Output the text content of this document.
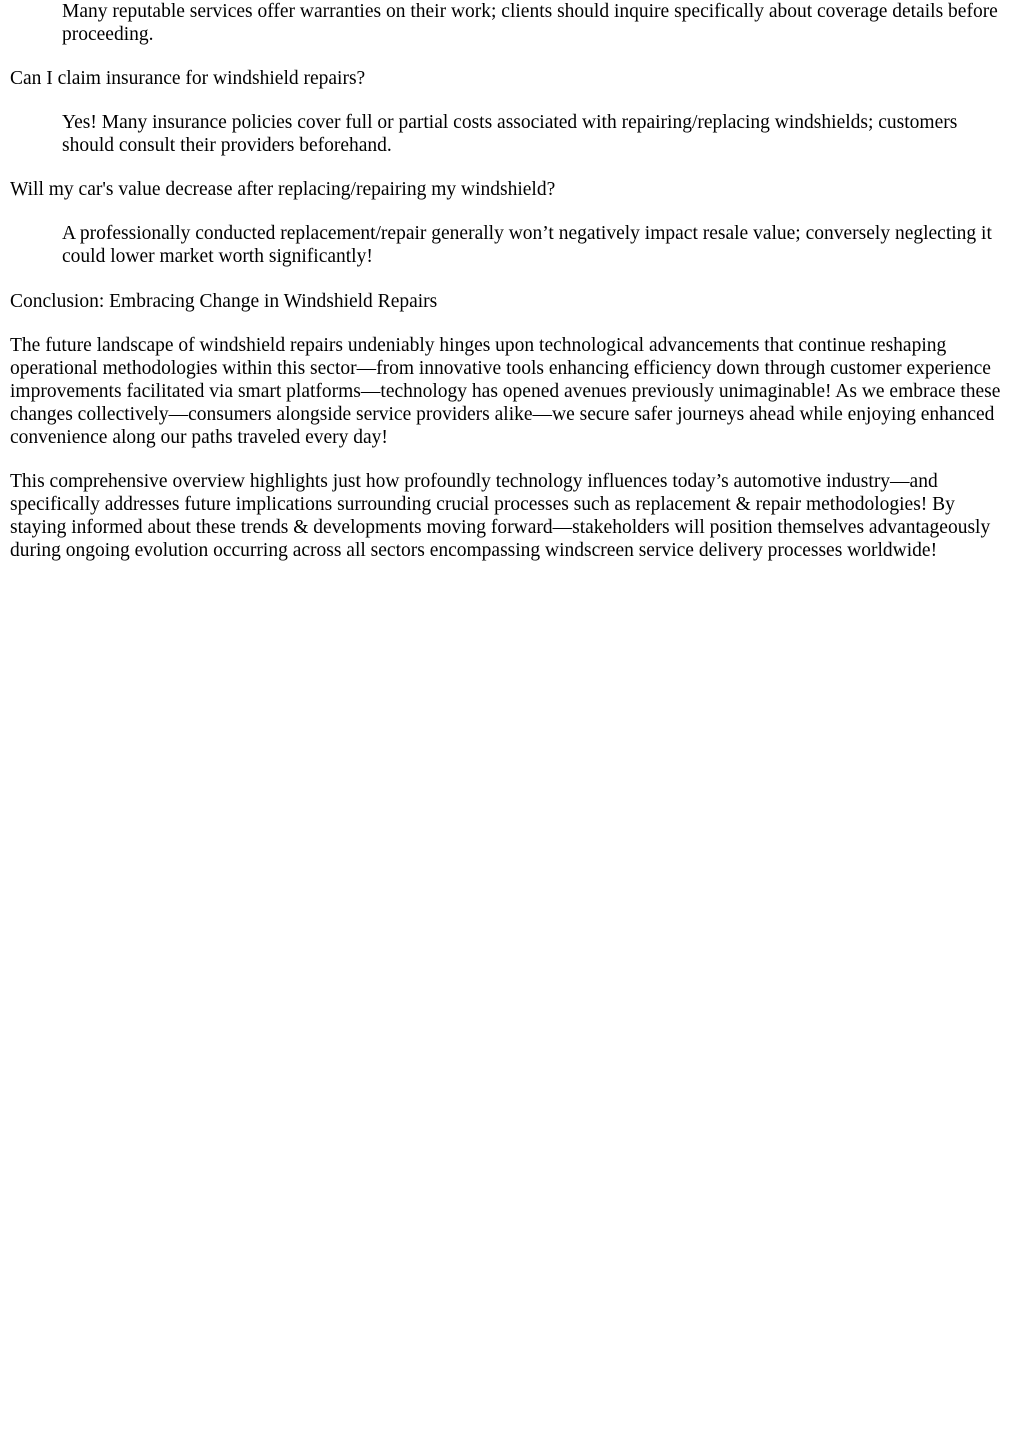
Many reputable services offer warranties on their work; clients should inquire specifically about coverage details before proceeding.
Can I claim insurance for windshield repairs?
Yes! Many insurance policies cover full or partial costs associated with repairing/replacing windshields; customers should consult their providers beforehand.
Will my car's value decrease after replacing/repairing my windshield?
A professionally conducted replacement/repair generally won’t negatively impact resale value; conversely neglecting it could lower market worth significantly!
Conclusion: Embracing Change in Windshield Repairs

The future landscape of windshield repairs undeniably hinges upon technological advancements that continue reshaping operational methodologies within this sector—from innovative tools enhancing efficiency down through customer experience improvements facilitated via smart platforms—technology has opened avenues previously unimaginable! As we embrace these changes collectively—consumers alongside service providers alike—we secure safer journeys ahead while enjoying enhanced convenience along our paths traveled every day!

This comprehensive overview highlights just how profoundly technology influences today’s automotive industry—and specifically addresses future implications surrounding crucial processes such as replacement & repair methodologies! By staying informed about these trends & developments moving forward—stakeholders will position themselves advantageously during ongoing evolution occurring across all sectors encompassing windscreen service delivery processes worldwide!
